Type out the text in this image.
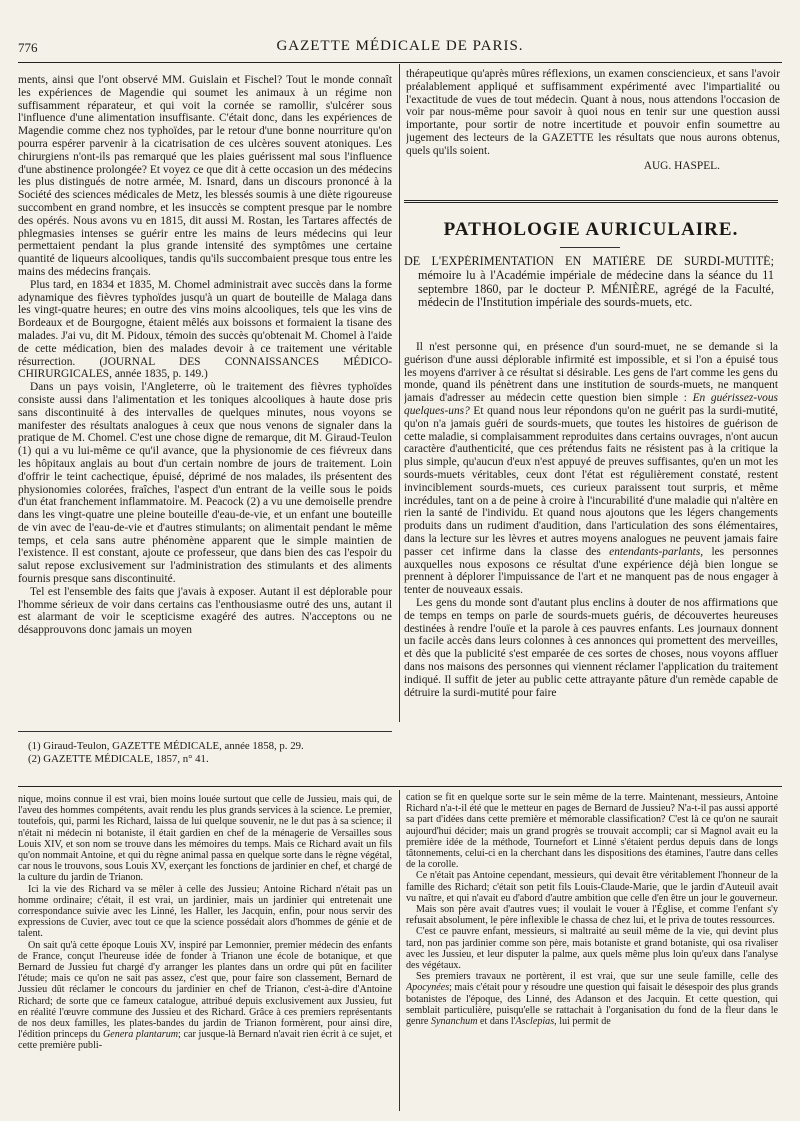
776	GAZETTE MÉDICALE DE PARIS.

ments, ainsi que l'ont observé MM. Guislain et Fischel? Tout le monde connaît les expériences de Magendie qui soumet les animaux à un régime non suffisamment réparateur, et qui voit la cornée se ramollir, s'ulcérer sous l'influence d'une alimentation insuffisante. C'était donc, dans les expériences de Magendie comme chez nos typhoïdes, par le retour d'une bonne nourriture qu'on pourra espérer parvenir à la cicatrisation de ces ulcères souvent atoniques. Les chirurgiens n'ont-ils pas remarqué que les plaies guérissent mal sous l'influence d'une abstinence prolongée? Et voyez ce que dit à cette occasion un des médecins les plus distingués de notre armée, M. Isnard, dans un discours prononcé à la Société des sciences médicales de Metz, les blessés soumis à une diète rigoureuse succombent en grand nombre, et les insuccès se comptent presque par le nombre des opérés. Nous avons vu en 1815, dit aussi M. Rostan, les Tartares affectés de phlegmasies intenses se guérir entre les mains de leurs médecins qui leur permettaient pendant la plus grande intensité des symptômes une certaine quantité de liqueurs alcooliques, tandis qu'ils succombaient presque tous entre les mains des médecins français.

Plus tard, en 1834 et 1835, M. Chomel administrait avec succès dans la forme adynamique des fièvres typhoïdes jusqu'à un quart de bouteille de Malaga dans les vingt-quatre heures; en outre des vins moins alcooliques, tels que les vins de Bordeaux et de Bourgogne, étaient mêlés aux boissons et formaient la tisane des malades. J'ai vu, dit M. Pidoux, témoin des succès qu'obtenait M. Chomel à l'aide de cette médication, bien des malades devoir à ce traitement une véritable résurrection. (JOURNAL DES CONNAISSANCES MÉDICO-CHIRURGICALES, année 1835, p. 149.)

Dans un pays voisin, l'Angleterre, où le traitement des fièvres typhoïdes consiste aussi dans l'alimentation et les toniques alcooliques à haute dose pris sans discontinuité à des intervalles de quelques minutes, nous voyons se manifester des résultats analogues à ceux que nous venons de signaler dans la pratique de M. Chomel. C'est une chose digne de remarque, dit M. Giraud-Teulon (1) qui a vu lui-même ce qu'il avance, que la physionomie de ces fiévreux dans les hôpitaux anglais au bout d'un certain nombre de jours de traitement. Loin d'offrir le teint cachectique, épuisé, déprimé de nos malades, ils présentent des physionomies colorées, fraîches, l'aspect d'un entrant de la veille sous le poids d'un état franchement inflammatoire. M. Peacock (2) a vu une demoiselle prendre dans les vingt-quatre une pleine bouteille d'eau-de-vie, et un enfant une bouteille de vin avec de l'eau-de-vie et d'autres stimulants; on alimentait pendant le même temps, et cela sans autre phénomène apparent que le simple maintien de l'existence. Il est constant, ajoute ce professeur, que dans bien des cas l'espoir du salut repose exclusivement sur l'administration des stimulants et des aliments fournis presque sans discontinuité.

Tel est l'ensemble des faits que j'avais à exposer. Autant il est déplorable pour l'homme sérieux de voir dans certains cas l'enthousiasme outré des uns, autant il est alarmant de voir le scepticisme exagéré des autres. N'acceptons ou ne désapprouvons donc jamais un moyen

(1) Giraud-Teulon, GAZETTE MÉDICALE, année 1858, p. 29.

(2) GAZETTE MÉDICALE, 1857, n° 41.

thérapeutique qu'après mûres réflexions, un examen consciencieux, et sans l'avoir préalablement appliqué et suffisamment expérimenté avec l'impartialité ou l'exactitude de vues de tout médecin. Quant à nous, nous attendons l'occasion de voir par nous-même pour savoir à quoi nous en tenir sur une question aussi importante, pour sortir de notre incertitude et pouvoir enfin soumettre au jugement des lecteurs de la GAZETTE les résultats que nous aurons obtenus, quels qu'ils soient.

AUG. HASPEL.

PATHOLOGIE AURICULAIRE.

DE L'EXPÉRIMENTATION EN MATIÈRE DE SURDI-MUTITÉ; mémoire lu à l'Académie impériale de médecine dans la séance du 11 septembre 1860, par le docteur P. MÉNIÈRE, agrégé de la Faculté, médecin de l'Institution impériale des sourds-muets, etc.

Il n'est personne qui, en présence d'un sourd-muet, ne se demande si la guérison d'une aussi déplorable infirmité est impossible, et si l'on a épuisé tous les moyens d'arriver à ce résultat si désirable. Les gens de l'art comme les gens du monde, quand ils pénètrent dans une institution de sourds-muets, ne manquent jamais d'adresser au médecin cette question bien simple : En guérissez-vous quelques-uns? Et quand nous leur répondons qu'on ne guérit pas la surdi-mutité, qu'on n'a jamais guéri de sourds-muets, que toutes les histoires de guérison de cette maladie, si complaisamment reproduites dans certains ouvrages, n'ont aucun caractère d'authenticité, que ces prétendus faits ne résistent pas à la critique la plus simple, qu'aucun d'eux n'est appuyé de preuves suffisantes, qu'en un mot les sourds-muets véritables, ceux dont l'état est régulièrement constaté, restent invinciblement sourds-muets, ces curieux paraissent tout surpris, et même incrédules, tant on a de peine à croire à l'incurabilité d'une maladie qui n'altère en rien la santé de l'individu. Et quand nous ajoutons que les légers changements produits dans un rudiment d'audition, dans l'articulation des sons élémentaires, dans la lecture sur les lèvres et autres moyens analogues ne peuvent jamais faire passer cet infirme dans la classe des entendants-parlants, les personnes auxquelles nous exposons ce résultat d'une expérience déjà bien longue se prennent à déplorer l'impuissance de l'art et ne manquent pas de nous engager à tenter de nouveaux essais.

Les gens du monde sont d'autant plus enclins à douter de nos affirmations que de temps en temps on parle de sourds-muets guéris, de découvertes heureuses destinées à rendre l'ouïe et la parole à ces pauvres enfants. Les journaux donnent un facile accès dans leurs colonnes à ces annonces qui promettent des merveilles, et dès que la publicité s'est emparée de ces sortes de choses, nous voyons affluer dans nos maisons des personnes qui viennent réclamer l'application du traitement indiqué. Il suffit de jeter au public cette attrayante pâture d'un remède capable de détruire la surdi-mutité pour faire

nique, moins connue il est vrai, bien moins louée surtout que celle de Jussieu, mais qui, de l'aveu des hommes compétents, avait rendu les plus grands services à la science. Le premier, toutefois, qui, parmi les Richard, laissa de lui quelque souvenir, ne le dut pas à sa science; il n'était ni médecin ni botaniste, il était gardien en chef de la ménagerie de Versailles sous Louis XIV, et son nom se trouve dans les mémoires du temps. Mais ce Richard avait un fils qu'on nommait Antoine, et qui du règne animal passa en quelque sorte dans le règne végétal, car nous le trouvons, sous Louis XV, exerçant les fonctions de jardinier en chef, et chargé de la culture du jardin de Trianon.

Ici la vie des Richard va se mêler à celle des Jussieu; Antoine Richard n'était pas un homme ordinaire; c'était, il est vrai, un jardinier, mais un jardinier qui entretenait une correspondance suivie avec les Linné, les Haller, les Jacquin, enfin, pour nous servir des expressions de Cuvier, avec tout ce que la science possédait alors d'hommes de génie et de talent.

On sait qu'à cette époque Louis XV, inspiré par Lemonnier, premier médecin des enfants de France, conçut l'heureuse idée de fonder à Trianon une école de botanique, et que Bernard de Jussieu fut chargé d'y arranger les plantes dans un ordre qui pût en faciliter l'étude; mais ce qu'on ne sait pas assez, c'est que, pour faire son classement, Bernard de Jussieu dût réclamer le concours du jardinier en chef de Trianon, c'est-à-dire d'Antoine Richard; de sorte que ce fameux catalogue, attribué depuis exclusivement aux Jussieu, fut en réalité l'œuvre commune des Jussieu et des Richard. Grâce à ces premiers représentants de nos deux familles, les plates-bandes du jardin de Trianon formèrent, pour ainsi dire, l'édition princeps du Genera plantarum; car jusque-là Bernard n'avait rien écrit à ce sujet, et cette première publi-

cation se fit en quelque sorte sur le sein même de la terre. Maintenant, messieurs, Antoine Richard n'a-t-il été que le metteur en pages de Bernard de Jussieu? N'a-t-il pas aussi apporté sa part d'idées dans cette première et mémorable classification? C'est là ce qu'on ne saurait aujourd'hui décider; mais un grand progrès se trouvait accompli; car si Magnol avait eu la première idée de la méthode, Tournefort et Linné s'étaient perdus depuis dans de longs tâtonnements, celui-ci en la cherchant dans les dispositions des étamines, l'autre dans celles de la corolle.

Ce n'était pas Antoine cependant, messieurs, qui devait être véritablement l'honneur de la famille des Richard; c'était son petit fils Louis-Claude-Marie, que le jardin d'Auteuil avait vu naître, et qui n'avait eu d'abord d'autre ambition que celle d'en être un jour le gouverneur.

Mais son père avait d'autres vues; il voulait le vouer à l'Église, et comme l'enfant s'y refusait absolument, le père inflexible le chassa de chez lui, et le priva de toutes ressources.

C'est ce pauvre enfant, messieurs, si maltraité au seuil même de la vie, qui devint plus tard, non pas jardinier comme son père, mais botaniste et grand botaniste, qui osa rivaliser avec les Jussieu, et leur disputer la palme, aux quels même plus loin qu'eux dans l'analyse des végétaux.

Ses premiers travaux ne portèrent, il est vrai, que sur une seule famille, celle des Apocynées; mais c'était pour y résoudre une question qui faisait le désespoir des plus grands botanistes de l'époque, des Linné, des Adanson et des Jacquin. Et cette question, qui semblait particulière, puisqu'elle se rattachait à l'organisation du fond de la fleur dans le genre Synanchum et dans l'Asclepias, lui permit de
